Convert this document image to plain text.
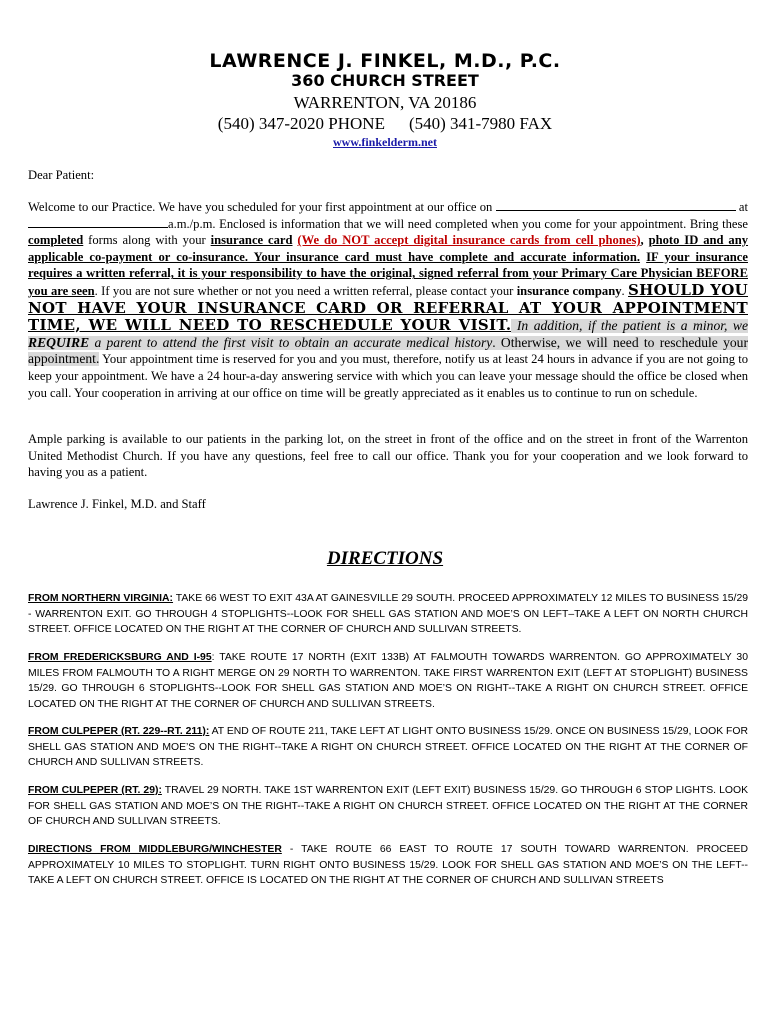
LAWRENCE J. FINKEL, M.D., P.C.
360 CHURCH STREET
WARRENTON, VA 20186
(540) 347-2020 PHONE (540) 341-7980 FAX
www.finkelderm.net
Dear Patient:
Welcome to our Practice. We have you scheduled for your first appointment at our office on	ata.m./p.m. Enclosed is information that we will need completed when you come for your appointment. Bring these completed forms along with your insurance card (We do NOT accept digital insurance cards from cell phones), photo ID and any applicable co-payment or co-insurance. Your insurance card must have complete and accurate information. IF your insurance requires a written referral, it is your responsibility to have the original, signed referral from your Primary Care Physician BEFORE you are seen. If you are not sure whether or not you need a written referral, please contact your insurance company. SHOULD YOU NOT HAVE YOUR INSURANCE CARD OR REFERRAL AT YOUR APPOINTMENT TIME, WE WILL NEED TO RESCHEDULE YOUR VISIT. In addition, if the patient is a minor, we REQUIRE a parent to attend the first visit to obtain an accurate medical history. Otherwise, we will need to reschedule your appointment. Your appointment time is reserved for you and you must, therefore, notify us at least 24 hours in advance if you are not going to keep your appointment. We have a 24 hour-a-day answering service with which you can leave your message should the office be closed when you call. Your cooperation in arriving at our office on time will be greatly appreciated as it enables us to continue to run on schedule.
Ample parking is available to our patients in the parking lot, on the street in front of the office and on the street in front of the Warrenton United Methodist Church. If you have any questions, feel free to call our office. Thank you for your cooperation and we look forward to having you as a patient.
Lawrence J. Finkel, M.D. and Staff
DIRECTIONS
FROM NORTHERN VIRGINIA: TAKE 66 WEST TO EXIT 43A AT GAINESVILLE 29 SOUTH. PROCEED APPROXIMATELY 12 MILES TO BUSINESS 15/29 - WARRENTON EXIT. GO THROUGH 4 STOPLIGHTS--LOOK FOR SHELL GAS STATION AND MOE’S ON LEFT–TAKE A LEFT ON NORTH CHURCH STREET. OFFICE LOCATED ON THE RIGHT AT THE CORNER OF CHURCH AND SULLIVAN STREETS.
FROM FREDERICKSBURG AND I-95: TAKE ROUTE 17 NORTH (EXIT 133B) AT FALMOUTH TOWARDS WARRENTON. GO APPROXIMATELY 30 MILES FROM FALMOUTH TO A RIGHT MERGE ON 29 NORTH TO WARRENTON. TAKE FIRST WARRENTON EXIT (LEFT AT STOPLIGHT) BUSINESS 15/29. GO THROUGH 6 STOPLIGHTS--LOOK FOR SHELL GAS STATION AND MOE’S ON RIGHT--TAKE A RIGHT ON CHURCH STREET. OFFICE LOCATED ON THE RIGHT AT THE CORNER OF CHURCH AND SULLIVAN STREETS.
FROM CULPEPER (RT. 229--RT. 211): AT END OF ROUTE 211, TAKE LEFT AT LIGHT ONTO BUSINESS 15/29. ONCE ON BUSINESS 15/29, LOOK FOR SHELL GAS STATION AND MOE’S ON THE RIGHT--TAKE A RIGHT ON CHURCH STREET. OFFICE LOCATED ON THE RIGHT AT THE CORNER OF CHURCH AND SULLIVAN STREETS.
FROM CULPEPER (RT. 29): TRAVEL 29 NORTH. TAKE 1ST WARRENTON EXIT (LEFT EXIT) BUSINESS 15/29. GO THROUGH 6 STOP LIGHTS. LOOK FOR SHELL GAS STATION AND MOE’S ON THE RIGHT--TAKE A RIGHT ON CHURCH STREET. OFFICE LOCATED ON THE RIGHT AT THE CORNER OF CHURCH AND SULLIVAN STREETS.
DIRECTIONS FROM MIDDLEBURG/WINCHESTER - TAKE ROUTE 66 EAST TO ROUTE 17 SOUTH TOWARD WARRENTON. PROCEED APPROXIMATELY 10 MILES TO STOPLIGHT. TURN RIGHT ONTO BUSINESS 15/29. LOOK FOR SHELL GAS STATION AND MOE’S ON THE LEFT--TAKE A LEFT ON CHURCH STREET. OFFICE IS LOCATED ON THE RIGHT AT THE CORNER OF CHURCH AND SULLIVAN STREETS
